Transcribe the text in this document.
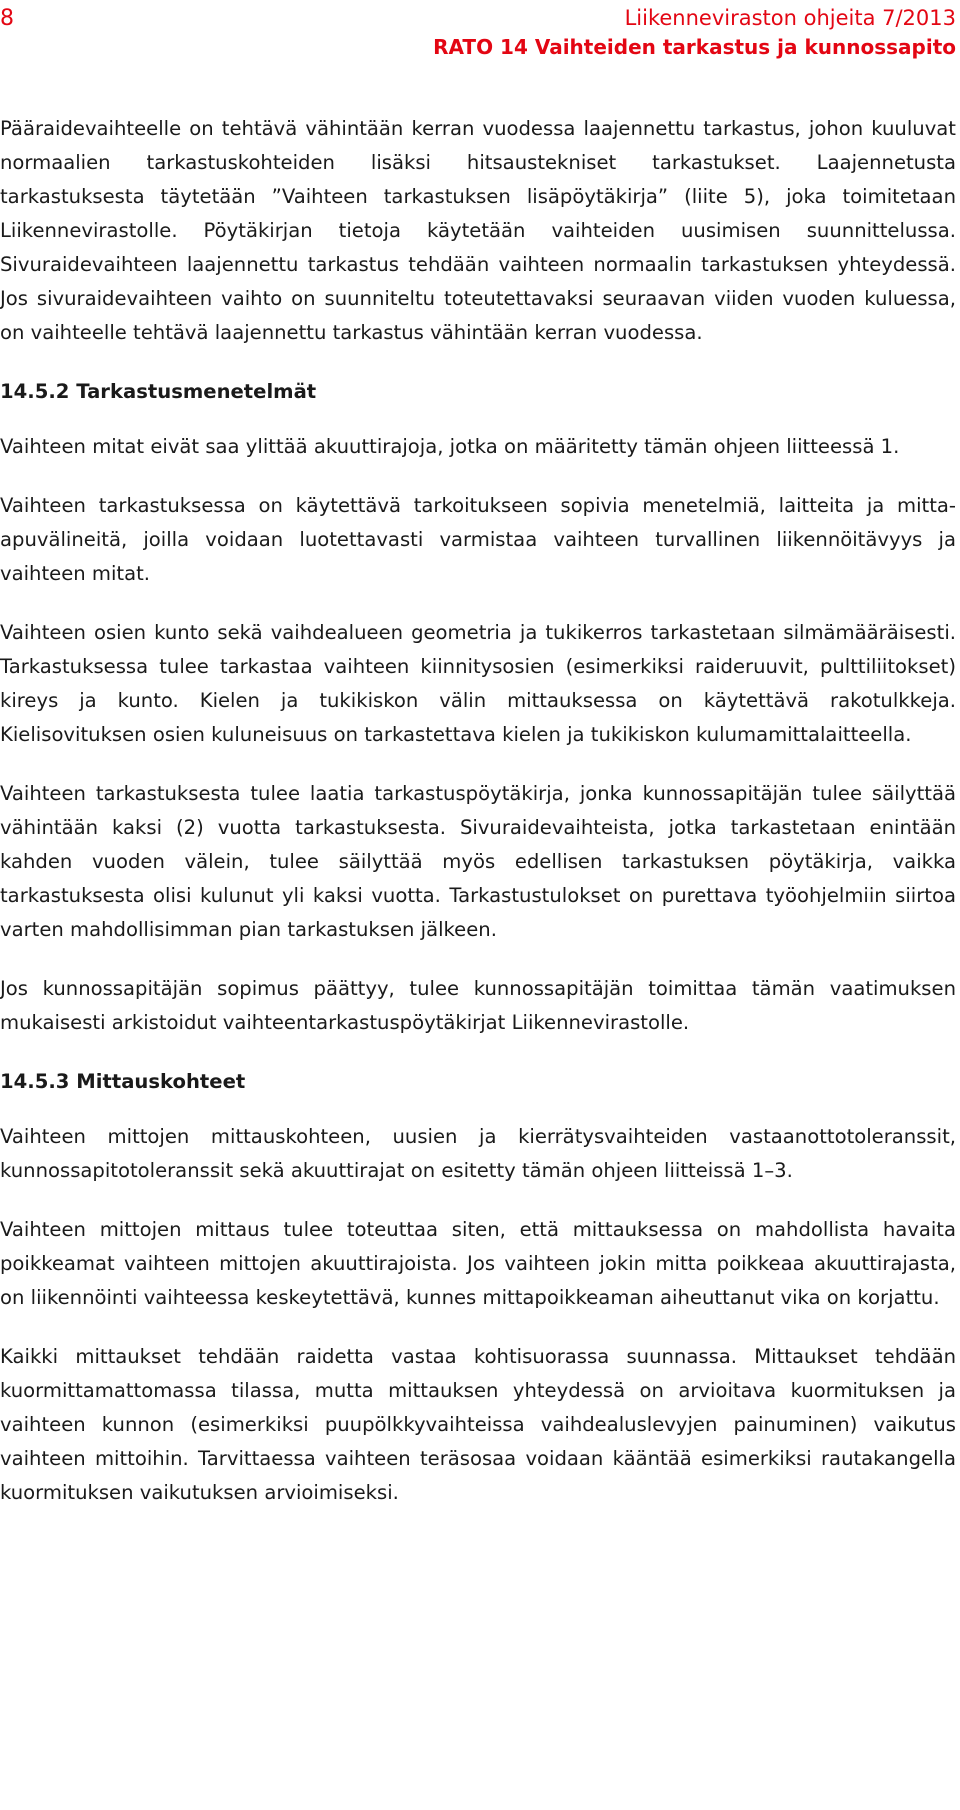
8	Liikenneviraston ohjeita 7/2013
RATO 14 Vaihteiden tarkastus ja kunnossapito

Pääraidevaihteelle on tehtävä vähintään kerran vuodessa laajennettu tarkastus, johon kuuluvat normaalien tarkastuskohteiden lisäksi hitsaustekniset tarkastukset. Laajennetusta tarkastuksesta täytetään ”Vaihteen tarkastuksen lisäpöytäkirja” (liite 5), joka toimitetaan Liikennevirastolle. Pöytäkirjan tietoja käytetään vaihteiden uusimisen suunnittelussa. Sivuraidevaihteen laajennettu tarkastus tehdään vaihteen normaalin tarkastuksen yhteydessä. Jos sivuraidevaihteen vaihto on suunniteltu toteutettavaksi seuraavan viiden vuoden kuluessa, on vaihteelle tehtävä laajennettu tarkastus vähintään kerran vuodessa.

14.5.2 Tarkastusmenetelmät

Vaihteen mitat eivät saa ylittää akuuttirajoja, jotka on määritetty tämän ohjeen liitteessä 1.

Vaihteen tarkastuksessa on käytettävä tarkoitukseen sopivia menetelmiä, laitteita ja mitta-apuvälineitä, joilla voidaan luotettavasti varmistaa vaihteen turvallinen liikennöitävyys ja vaihteen mitat.

Vaihteen osien kunto sekä vaihdealueen geometria ja tukikerros tarkastetaan silmämääräisesti. Tarkastuksessa tulee tarkastaa vaihteen kiinnitysosien (esimerkiksi raideruuvit, pulttiliitokset) kireys ja kunto. Kielen ja tukikiskon välin mittauksessa on käytettävä rakotulkkeja. Kielisovituksen osien kuluneisuus on tarkastettava kielen ja tukikiskon kulumamittalaitteella.

Vaihteen tarkastuksesta tulee laatia tarkastuspöytäkirja, jonka kunnossapitäjän tulee säilyttää vähintään kaksi (2) vuotta tarkastuksesta. Sivuraidevaihteista, jotka tarkastetaan enintään kahden vuoden välein, tulee säilyttää myös edellisen tarkastuksen pöytäkirja, vaikka tarkastuksesta olisi kulunut yli kaksi vuotta. Tarkastustulokset on purettava työohjelmiin siirtoa varten mahdollisimman pian tarkastuksen jälkeen.

Jos kunnossapitäjän sopimus päättyy, tulee kunnossapitäjän toimittaa tämän vaatimuksen mukaisesti arkistoidut vaihteentarkastuspöytäkirjat Liikennevirastolle.

14.5.3 Mittauskohteet

Vaihteen mittojen mittauskohteen, uusien ja kierrätysvaihteiden vastaanottotoleranssit, kunnossapitotoleranssit sekä akuuttirajat on esitetty tämän ohjeen liitteissä 1–3.

Vaihteen mittojen mittaus tulee toteuttaa siten, että mittauksessa on mahdollista havaita poikkeamat vaihteen mittojen akuuttirajoista. Jos vaihteen jokin mitta poikkeaa akuuttirajasta, on liikennöinti vaihteessa keskeytettävä, kunnes mittapoikkeaman aiheuttanut vika on korjattu.

Kaikki mittaukset tehdään raidetta vastaa kohtisuorassa suunnassa. Mittaukset tehdään kuormittamattomassa tilassa, mutta mittauksen yhteydessä on arvioitava kuormituksen ja vaihteen kunnon (esimerkiksi puupölkkyvaihteissa vaihdealuslevyjen painuminen) vaikutus vaihteen mittoihin. Tarvittaessa vaihteen teräsosaa voidaan kääntää esimerkiksi rautakangella kuormituksen vaikutuksen arvioimiseksi.
